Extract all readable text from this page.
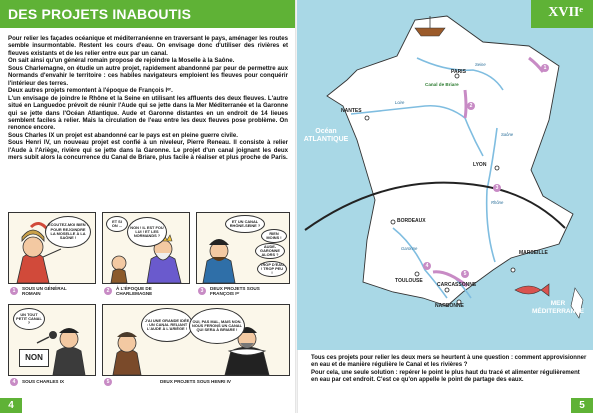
DES PROJETS INABOUTIS

Pour relier les façades océanique et méditerranéenne en traversant le pays, aménager les routes semble insurmontable. Restent les cours d'eau. On envisage donc d'utiliser des rivières et fleuves existants et de les relier entre eux par un canal.

On sait ainsi qu'un général romain propose de rejoindre la Moselle à la Saône.

Sous Charlemagne, on étudie un autre projet, rapidement abandonné par peur de permettre aux Normands d'envahir le territoire : ces habiles navigateurs emploient les fleuves pour conquérir l'intérieur des terres.

Deux autres projets remontent à l'époque de François Iᵉʳ.

L'un envisage de joindre le Rhône et la Seine en utilisant les affluents des deux fleuves. L'autre situé en Languedoc prévoit de réunir l'Aude qui se jette dans la Mer Méditerranée et la Garonne qui se jette dans l'Océan Atlantique. Aude et Garonne distantes en un endroit de 14 lieues semblent faciles à relier. Mais la circulation de l'eau entre les deux fleuves pose problème. On renonce encore.

Sous Charles IX un projet est abandonné car le pays est en pleine guerre civile.

Sous Henri IV, un nouveau projet est confié à un niveleur, Pierre Reneau. Il consiste à relier l'Aude à l'Ariège, rivière qui se jette dans la Garonne. Le projet d'un canal joignant les deux mers subit alors la concurrence du Canal de Briare, plus facile à réaliser et plus proche de Paris.

ÉCOUTEZ-MOI BIEN : POUR REJOINDRE LA MOSELLE À LA SAÔNE !
ET SI ON ...	NON ! IL EST FOU LUI ! ET LES NORMANDS ?
ET UN CANAL RHÔNE-SEINE ?
RIEN MOINS !
AUDE-GARONNE ALORS ?
TROP D'EAU ! TROP PEU !
1	SOUS UN GÉNÉRAL ROMAIN	2	À L'ÉPOQUE DE CHARLEMAGNE	3	DEUX PROJETS SOUS FRANÇOIS Iᵉʳ
UN TOUT PETIT CANAL ?
NON
J'AI UNE GRANDE IDÉE : UN CANAL RELIANT L'AUDE À L'ARIÈGE !
OUI, PAS MAL, MAIS NON. NOUS FERONS UN CANAL QUI SERA À BRIARE !
4	SOUS CHARLES IX	5	DEUX PROJETS SOUS HENRI IV
4
PARIS
Canal de Briare
NANTES
Océan ATLANTIQUE
LYON
BORDEAUX
MARSEILLE
TOULOUSE
CARCASSONNE
NARBONNE	MER MÉDITERRANÉE
Seine
Loire
Rhône
Saône
Garonne
1
2
3
4
5
XVIIᵉ

Tous ces projets pour relier les deux mers se heurtent à une question : comment approvisionner en eau et de manière régulière le Canal et les rivières ?

Pour cela, une seule solution : repérer le point le plus haut du tracé et alimenter régulièrement en eau par cet endroit. C'est ce qu'on appelle le point de partage des eaux.

5
